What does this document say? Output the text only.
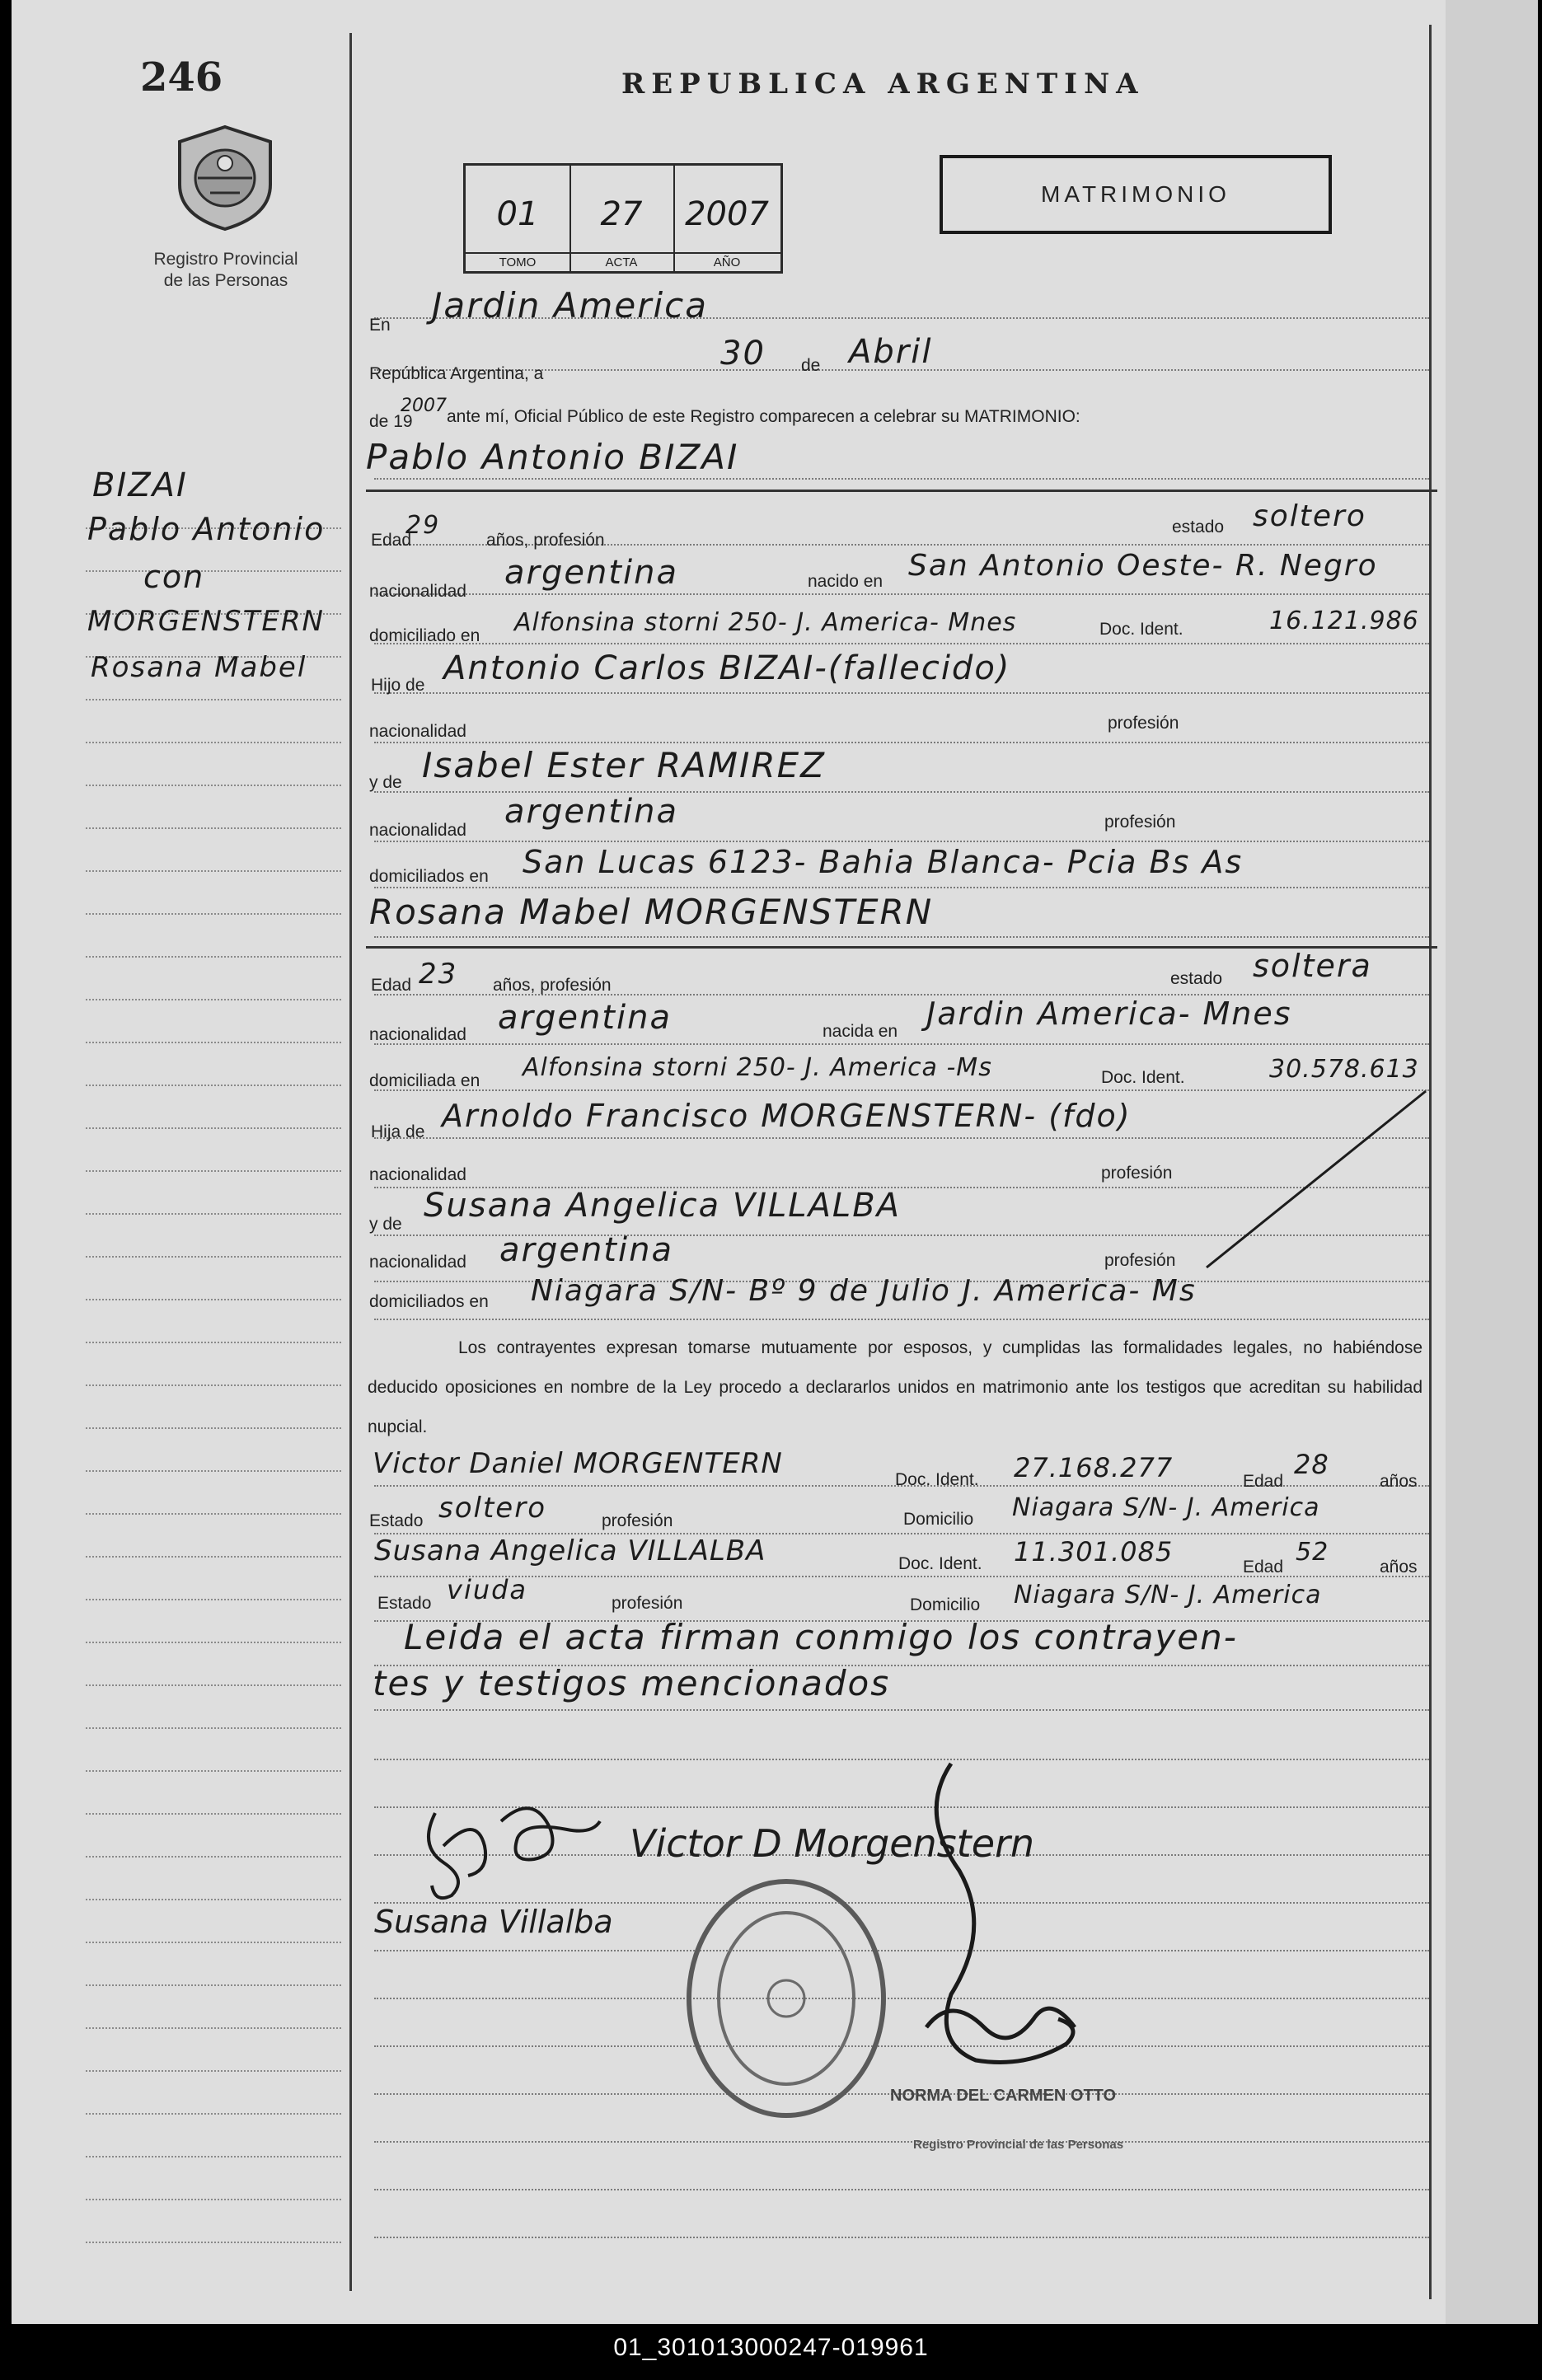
246
Registro Provincial
de las Personas
REPUBLICA ARGENTINA
01
TOMO
27
ACTA
2007
AÑO
MATRIMONIO
BIZAI
Pablo Antonio
con
MORGENSTERN
Rosana Mabel
En Jardin America
República Argentina, a
30 de Abril
de 19
2007
ante mí, Oficial Público de este Registro comparecen a celebrar su MATRIMONIO:
Pablo Antonio BIZAI
Edad
29
años, profesión
estado soltero
nacionalidad argentina	nacido en San Antonio Oeste- R. Negro
domiciliado en Alfonsina storni 250- J. America- Mnes	Doc. Ident.	16.121.986
Hijo de Antonio Carlos BIZAI-(fallecido)
nacionalidad	profesión
y de Isabel Ester RAMIREZ
nacionalidad argentina	profesión
domiciliados en San Lucas 6123- Bahia Blanca- Pcia Bs As
Rosana Mabel MORGENSTERN
Edad 23 años, profesión	estado soltera
nacionalidad argentina	nacida en Jardin America- Mnes
domiciliada en Alfonsina storni 250- J. America -Ms	Doc. Ident.	30.578.613
Hija de Arnoldo Francisco MORGENSTERN- (fdo)
nacionalidad	profesión
y de Susana Angelica VILLALBA
nacionalidad argentina	profesión
domiciliados en Niagara S/N- Bº 9 de Julio J. America- Ms
Los contrayentes expresan tomarse mutuamente por esposos, y cumplidas las formalidades legales, no habiéndose deducido oposiciones en nombre de la Ley procedo a declararlos unidos en matrimonio ante los testigos que acreditan su habilidad nupcial.
Victor Daniel MORGENTERN	Doc. Ident. 27.168.277	Edad
28
años
Estado soltero	profesión	Domicilio Niagara S/N- J. America
Susana Angelica VILLALBA	Doc. Ident. 11.301.085	Edad
52
años
Estado viuda	profesión	Domicilio Niagara S/N- J. America
Leida el acta firman conmigo los contrayen-
tes y testigos mencionados
Victor D Morgenstern
Susana Villalba
NORMA DEL CARMEN OTTO
Registro Provincial de las Personas
01_301013000247-019961
